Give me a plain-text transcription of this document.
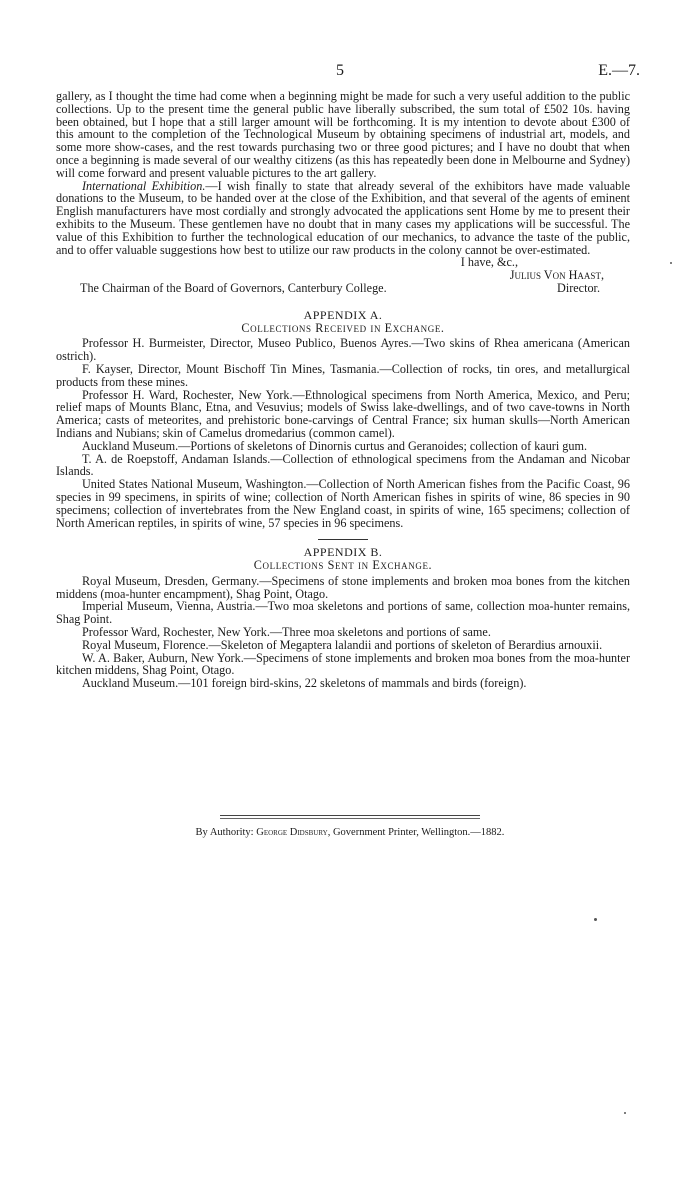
5	E.—7.

gallery, as I thought the time had come when a beginning might be made for such a very useful addition to the public collections. Up to the present time the general public have liberally subscribed, the sum total of £502 10s. having been obtained, but I hope that a still larger amount will be forthcoming. It is my intention to devote about £300 of this amount to the completion of the Technological Museum by obtaining specimens of industrial art, models, and some more show-cases, and the rest towards purchasing two or three good pictures; and I have no doubt that when once a beginning is made several of our wealthy citizens (as this has repeatedly been done in Melbourne and Sydney) will come forward and present valuable pictures to the art gallery.

International Exhibition.—I wish finally to state that already several of the exhibitors have made valuable donations to the Museum, to be handed over at the close of the Exhibition, and that several of the agents of eminent English manufacturers have most cordially and strongly advocated the applications sent Home by me to present their exhibits to the Museum. These gentlemen have no doubt that in many cases my applications will be successful. The value of this Exhibition to further the technological education of our mechanics, to advance the taste of the public, and to offer valuable suggestions how best to utilize our raw products in the colony cannot be over-estimated.

I have, &c.,

Julius Von Haast,

The Chairman of the Board of Governors, Canterbury College.	Director.

APPENDIX A.

Collections Received in Exchange.

Professor H. Burmeister, Director, Museo Publico, Buenos Ayres.—Two skins of Rhea americana (American ostrich).

F. Kayser, Director, Mount Bischoff Tin Mines, Tasmania.—Collection of rocks, tin ores, and metallurgical products from these mines.

Professor H. Ward, Rochester, New York.—Ethnological specimens from North America, Mexico, and Peru; relief maps of Mounts Blanc, Etna, and Vesuvius; models of Swiss lake-dwellings, and of two cave-towns in North America; casts of meteorites, and prehistoric bone-carvings of Central France; six human skulls—North American Indians and Nubians; skin of Camelus dromedarius (common camel).

Auckland Museum.—Portions of skeletons of Dinornis curtus and Geranoides; collection of kauri gum.

T. A. de Roepstoff, Andaman Islands.—Collection of ethnological specimens from the Andaman and Nicobar Islands.

United States National Museum, Washington.—Collection of North American fishes from the Pacific Coast, 96 species in 99 specimens, in spirits of wine; collection of North American fishes in spirits of wine, 86 species in 90 specimens; collection of invertebrates from the New England coast, in spirits of wine, 165 specimens; collection of North American reptiles, in spirits of wine, 57 species in 96 specimens.

APPENDIX B.

Collections Sent in Exchange.

Royal Museum, Dresden, Germany.—Specimens of stone implements and broken moa bones from the kitchen middens (moa-hunter encampment), Shag Point, Otago.

Imperial Museum, Vienna, Austria.—Two moa skeletons and portions of same, collection moa-hunter remains, Shag Point.

Professor Ward, Rochester, New York.—Three moa skeletons and portions of same.

Royal Museum, Florence.—Skeleton of Megaptera lalandii and portions of skeleton of Berardius arnouxii.

W. A. Baker, Auburn, New York.—Specimens of stone implements and broken moa bones from the moa-hunter kitchen middens, Shag Point, Otago.

Auckland Museum.—101 foreign bird-skins, 22 skeletons of mammals and birds (foreign).

By Authority: George Didsbury, Government Printer, Wellington.—1882.
